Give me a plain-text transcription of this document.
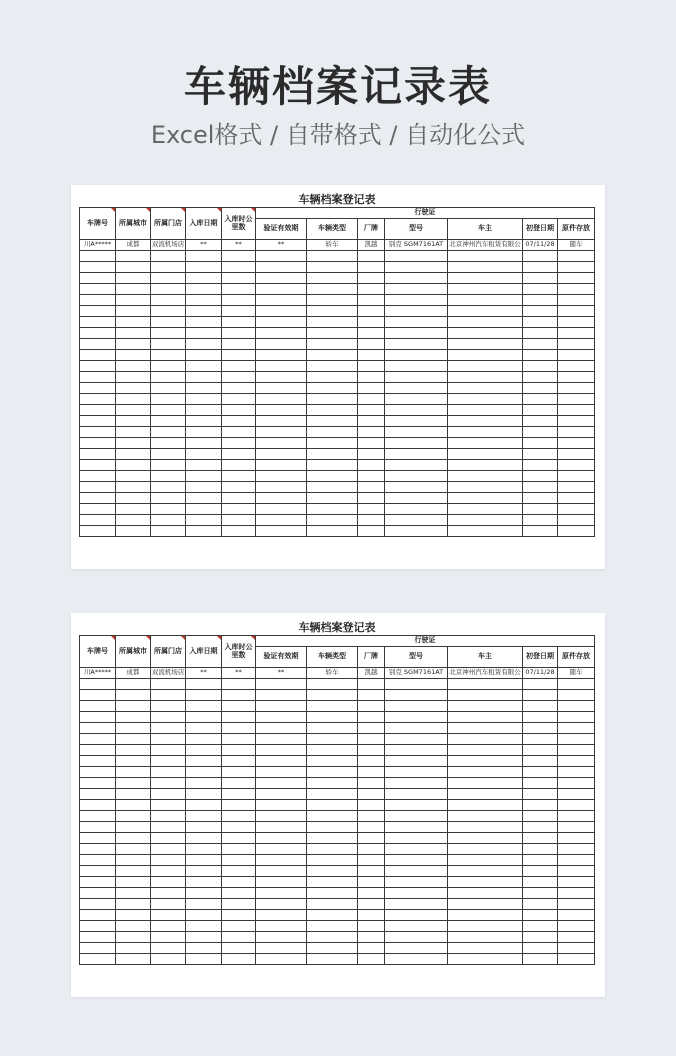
车辆档案记录表
Excel格式 / 自带格式 / 自动化公式
车辆档案登记表											
车牌号	所属城市	所属门店	入库日期	入库时公里数	行驶证						
					验证有效期	车辆类型	厂牌	型号	车主	初登日期	原件存放
川A*****	成都	双流机场店	**	**	**	轿车	凯越	别克 SGM7161AT	北京神州汽车租赁有限公	07/11/28	随车

车辆档案登记表											
车牌号	所属城市	所属门店	入库日期	入库时公里数	行驶证						
					验证有效期	车辆类型	厂牌	型号	车主	初登日期	原件存放
川A*****	成都	双流机场店	**	**	**	轿车	凯越	别克 SGM7161AT	北京神州汽车租赁有限公	07/11/28	随车
